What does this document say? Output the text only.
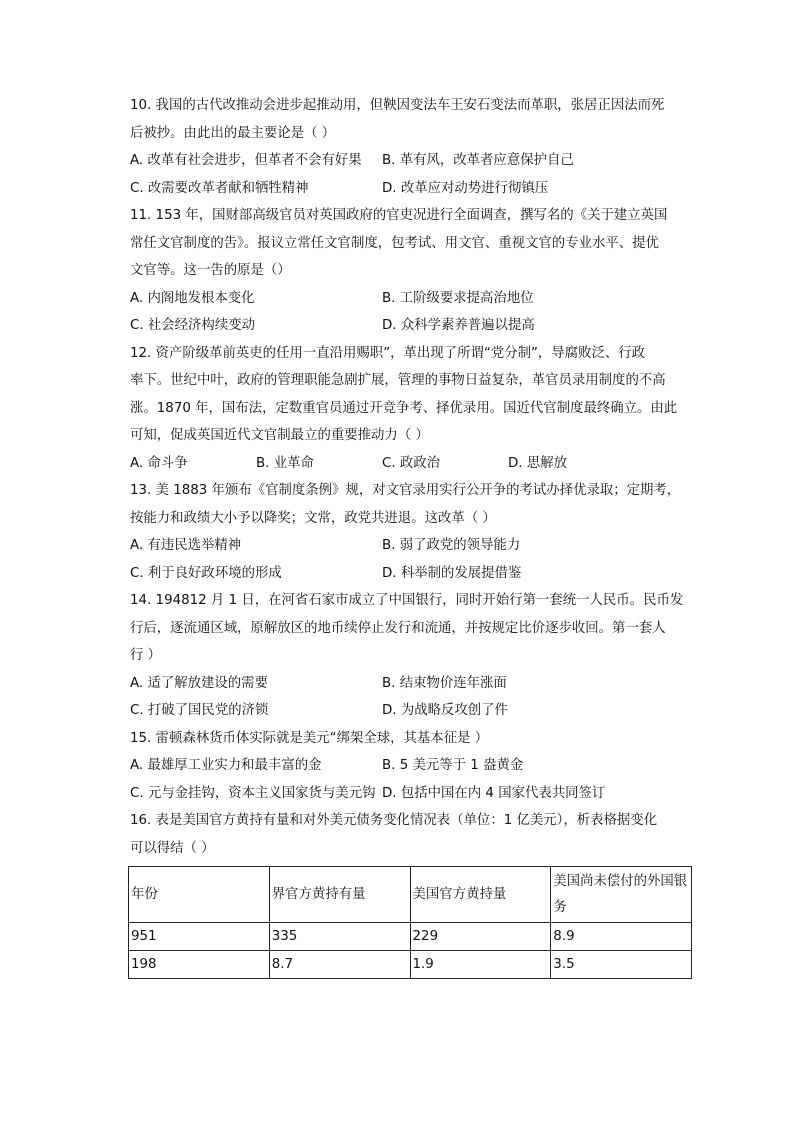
10. 我国的古代改推动会进步起推动用，但鞅因变法车王安石变法而革职，张居正因法而死
后被抄。由此出的最主要论是（ ）
A. 改革有社会进步，但革者不会有好果	B. 革有风，改革者应意保护自己
C. 改需要改革者献和牺牲精神	D. 改革应对动势进行彻镇压
11. 153 年，国财部高级官员对英国政府的官吏况进行全面调查，撰写名的《关于建立英国
常任文官制度的吿》。报议立常任文官制度，包考试、用文官、重视文官的专业水平、提优
文官等。这一吿的原是（）
A. 内阁地发根本变化	B. 工阶级要求提高治地位
C. 社会经济构续变动	D. 众科学素养普遍以提高
12. 资产阶级革前英吏的任用一直沿用赐职”，革出现了所谓“党分制”，导腐败泛、行政
率下。世纪中叶，政府的管理职能急剧扩展，管理的事物日益复杂，革官员录用制度的不高
涨。1870 年，国布法，定数重官员通过开竞争考、择优录用。国近代官制度最终确立。由此
可知，促成英国近代文官制最立的重要推动力（ ）
A. 命斗争	B. 业革命	C. 政政治	D. 思解放
13. 美 1883 年颁布《官制度条例》规，对文官录用实行公开争的考试办择优录取；定期考，
按能力和政绩大小予以降奖；文常，政党共进退。这改革（ ）
A. 有违民选举精神	B. 弱了政党的领导能力
C. 利于良好政环境的形成	D. 科举制的发展提借鉴
14. 194812 月 1 日，在河省石家市成立了中国银行，同时开始行第一套统一人民币。民币发
行后，逐流通区域，原解放区的地币续停止发行和流通，并按规定比价逐步收回。第一套人
行 ）
A. 适了解放建设的需要	B. 结束物价连年涨面
C. 打破了国民党的济锁	D. 为战略反攻创了件
15. 雷顿森林货币体实际就是美元“绑架全球，其基本征是 ）
A. 最雄厚工业实力和最丰富的金	B. 5 美元等于 1 盎黄金
C. 元与金挂钩，资本主义国家货与美元钩 D. 包括中国在内 4 国家代表共同签订
16. 表是美国官方黄持有量和对外美元债务变化情况表（单位：1 亿美元），析表格据变化
可以得结（ ）
年份	界官方黄持有量	美国官方黄持量	美国尚未偿付的外国银务
951	335	229	8.9
198	8.7	1.9	3.5
